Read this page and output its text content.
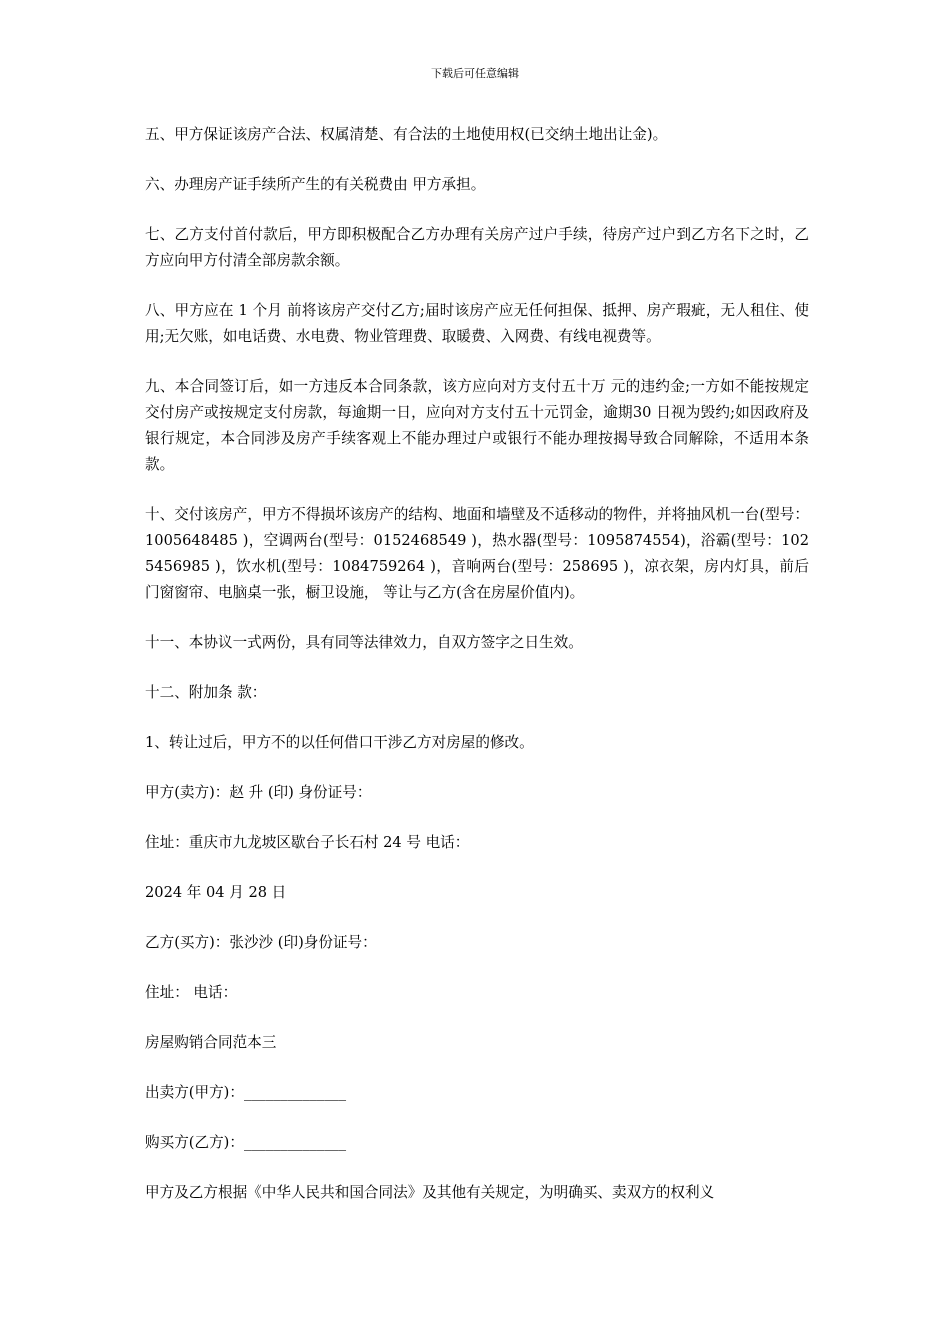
下载后可任意编辑

五、甲方保证该房产合法、权属清楚、有合法的土地使用权(已交纳土地出让金)。

六、办理房产证手续所产生的有关税费由 甲方承担。

七、乙方支付首付款后，甲方即积极配合乙方办理有关房产过户手续，待房产过户到乙方名下之时，乙方应向甲方付清全部房款余额。

八、甲方应在 1 个月 前将该房产交付乙方;届时该房产应无任何担保、抵押、房产瑕疵，无人租住、使用;无欠账，如电话费、水电费、物业管理费、取暖费、入网费、有线电视费等。

九、本合同签订后，如一方违反本合同条款，该方应向对方支付五十万 元的违约金;一方如不能按规定交付房产或按规定支付房款，每逾期一日，应向对方支付五十元罚金，逾期30 日视为毁约;如因政府及银行规定，本合同涉及房产手续客观上不能办理过户或银行不能办理按揭导致合同解除，不适用本条款。

十、交付该房产，甲方不得损坏该房产的结构、地面和墙壁及不适移动的物件，并将抽风机一台(型号：1005648485 )，空调两台(型号：0152468549 )，热水器(型号：1095874554)，浴霸(型号：1025456985 )，饮水机(型号：1084759264 )，音响两台(型号：258695 )，凉衣架，房内灯具，前后门窗窗帘、电脑桌一张，橱卫设施， 等让与乙方(含在房屋价值内)。

十一、本协议一式两份，具有同等法律效力，自双方签字之日生效。

十二、附加条 款：

1、转让过后，甲方不的以任何借口干涉乙方对房屋的修改。

甲方(卖方)：赵 升 (印) 身份证号：

住址：重庆市九龙坡区歇台子长石村 24 号 电话：

2024 年 04 月 28 日

乙方(买方)：张沙沙 (印)身份证号：

住址： 电话：

房屋购销合同范本三

出卖方(甲方)：______________

购买方(乙方)：______________

甲方及乙方根据《中华人民共和国合同法》及其他有关规定，为明确买、卖双方的权利义
